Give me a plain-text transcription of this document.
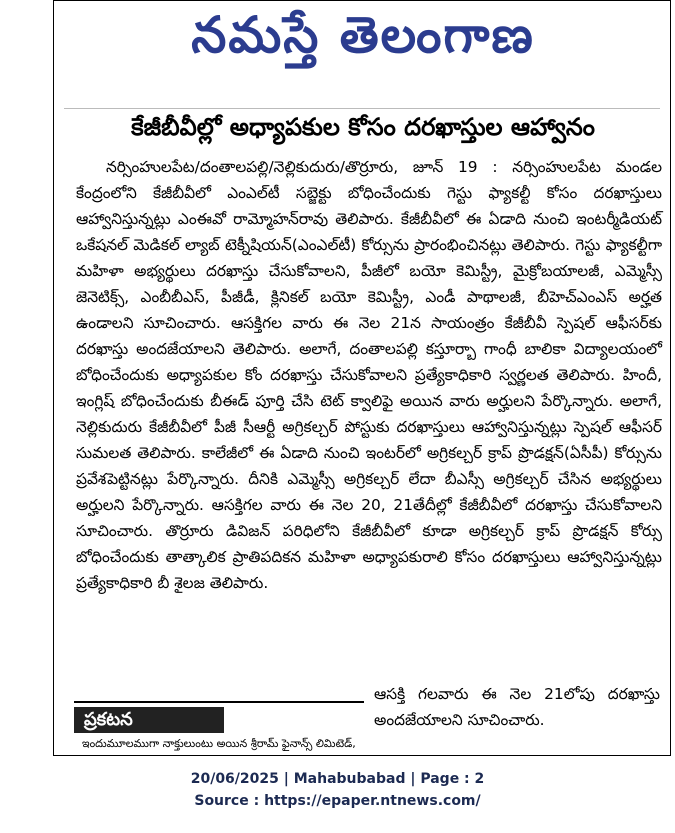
నమస్తే తెలంగాణ
కేజీబీవీల్లో అధ్యాపకుల కోసం దరఖాస్తుల ఆహ్వానం

నర్సింహులపేట/దంతాలపల్లి/నెల్లికుదురు/తొర్రూరు, జూన్ 19 : నర్సింహులపేట మండల కేంద్రంలోని కేజీబీవీలో ఎంఎల్‌టీ సబ్జెక్టు బోధించేందుకు గెస్టు ఫ్యాకల్టీ కోసం దరఖాస్తులు ఆహ్వానిస్తున్నట్లు ఎంఈవో రామ్మోహన్‌రావు తెలిపారు. కేజీబీవీలో ఈ ఏడాది నుంచి ఇంటర్మీడియట్ ఒకేషనల్ మెడికల్ ల్యాబ్ టెక్నీషియన్(ఎంఎల్‌టీ) కోర్సును ప్రారంభించినట్లు తెలిపారు. గెస్టు ఫ్యాకల్టీగా మహిళా అభ్యర్థులు దరఖాస్తు చేసుకోవాలని, పీజీలో బయో కెమిస్ట్రీ, మైక్రోబయాలజీ, ఎమ్మెస్సీ జెనెటిక్స్, ఎంబీబీఎస్, పీజీడీ, క్లినికల్ బయో కెమిస్ట్రీ, ఎండీ పాథాలజీ, బీహెచ్‌ఎంఎస్ అర్హత ఉండాలని సూచించారు. ఆసక్తిగల వారు ఈ నెల 21న సాయంత్రం కేజీబీవీ స్పెషల్ ఆఫీసర్‌కు దరఖాస్తు అందజేయాలని తెలిపారు. అలాగే, దంతాలపల్లి కస్తూర్బా గాంధీ బాలికా విద్యాలయంలో బోధించేందుకు అధ్యాపకుల కోం దరఖాస్తు చేసుకోవాలని ప్రత్యేకాధికారి స్వర్ణలత తెలిపారు. హిందీ, ఇంగ్లిష్ బోధించేందుకు బీఈడ్ పూర్తి చేసి టెట్ క్వాలిఫై అయిన వారు అర్హులని పేర్కొన్నారు. అలాగే, నెల్లికుదురు కేజీబీవీలో పీజీ సీఆర్టీ అగ్రికల్చర్ పోస్టుకు దరఖాస్తులు ఆహ్వానిస్తున్నట్లు స్పెషల్ ఆఫీసర్ సుమలత తెలిపారు. కాలేజీలో ఈ ఏడాది నుంచి ఇంటర్‌లో అగ్రికల్చర్ క్రాప్ ప్రొడక్షన్(ఏసీపీ) కోర్సును ప్రవేశపెట్టినట్లు పేర్కొన్నారు. దీనికి ఎమ్మెస్సీ అగ్రికల్చర్ లేదా బీఎస్సీ అగ్రికల్చర్ చేసిన అభ్యర్థులు అర్హులని పేర్కొన్నారు. ఆసక్తిగల వారు ఈ నెల 20, 21తేదీల్లో కేజీబీవీలో దరఖాస్తు చేసుకోవాలని సూచించారు. తొర్రూరు డివిజన్ పరిధిలోని కేజీబీవీలో కూడా అగ్రికల్చర్ క్రాప్ ప్రొడక్షన్ కోర్సు బోధించేందుకు తాత్కాలిక ప్రాతిపదికన మహిళా అధ్యాపకురాలి కోసం దరఖాస్తులు ఆహ్వానిస్తున్నట్లు ప్రత్యేకాధికారి బీ శైలజ తెలిపారు.

ఆసక్తి గలవారు ఈ నెల 21లోపు దరఖాస్తు అందజేయాలని సూచించారు.
ప్రకటన
ఇందుమూలముగా నాక్తులుంటు అయిన శ్రీరామ్ ఫైనాన్స్ లిమిటెడ్,
20/06/2025 | Mahabubabad | Page : 2
Source : https://epaper.ntnews.com/
